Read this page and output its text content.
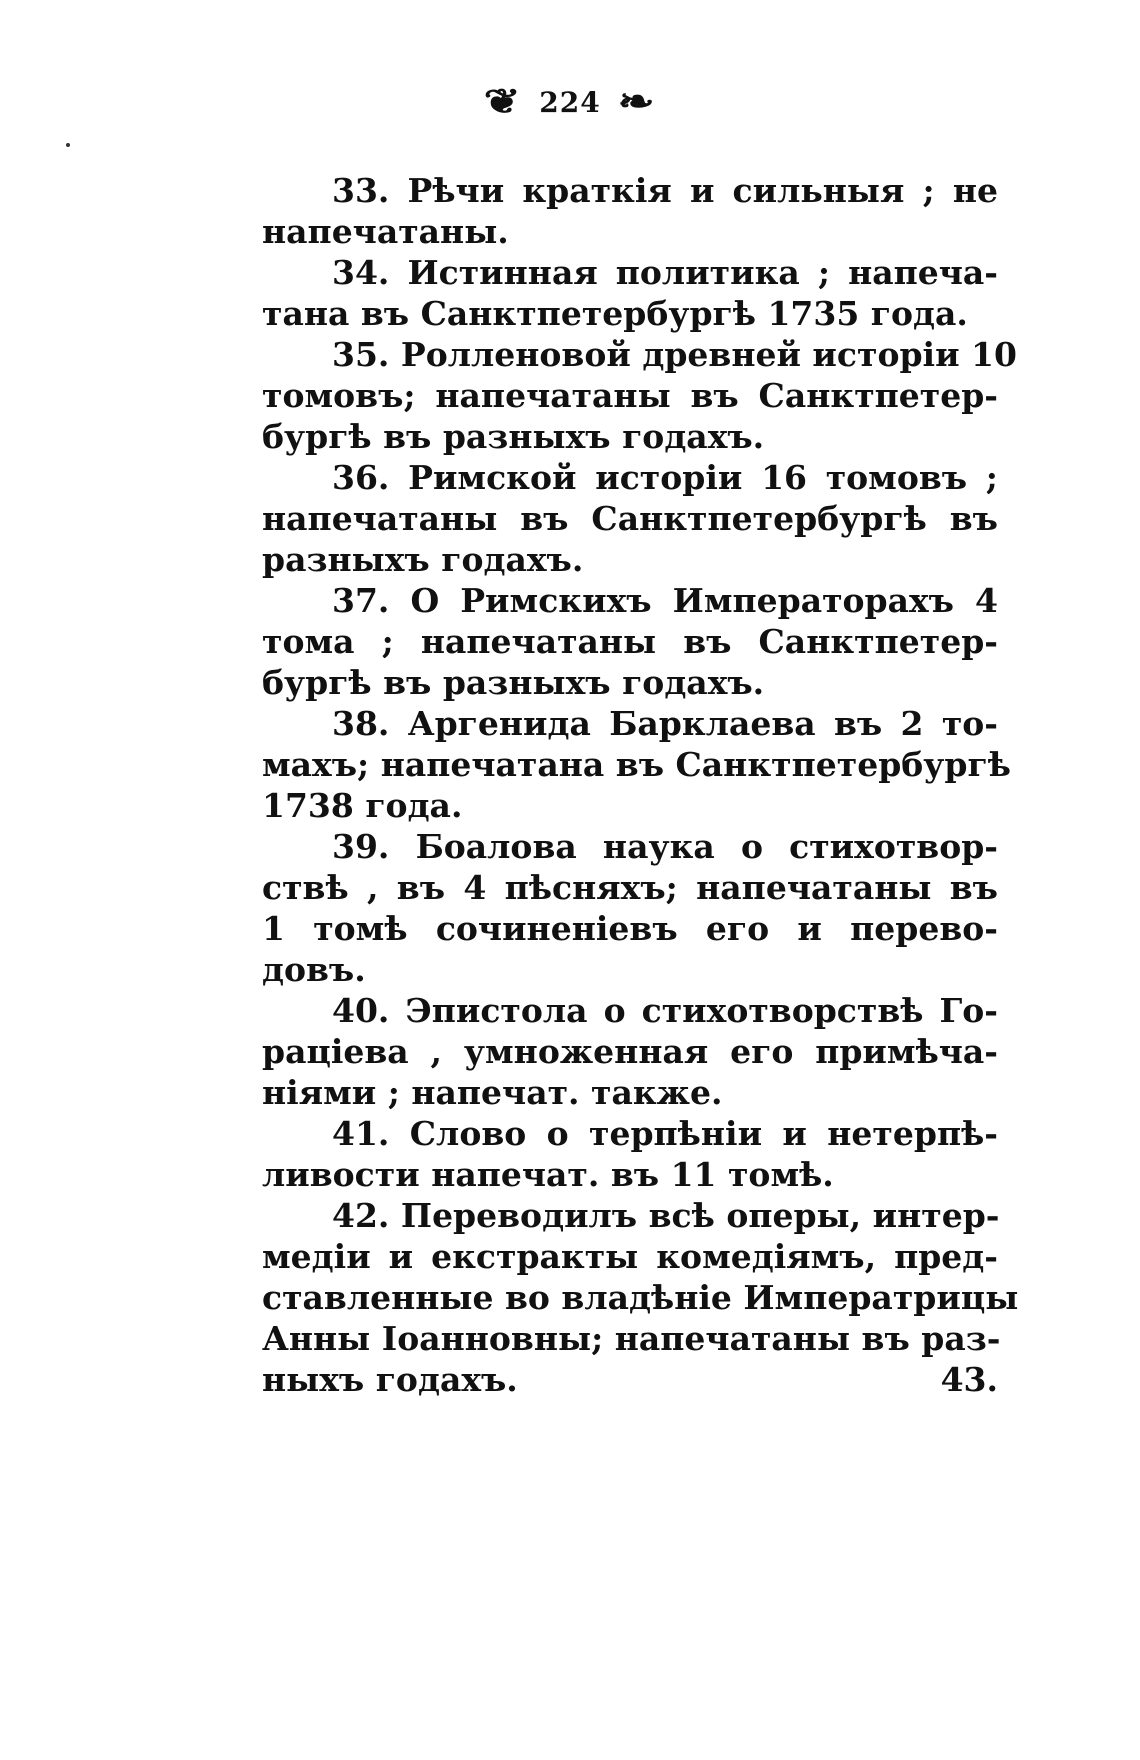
❦ 224 ❧
33. Рѣчи краткія и сильныя ; не
напечатаны.
34. Истинная политика ; напеча-
тана въ Санктпетербургѣ 1735 года.
35. Ролленовой древней исторіи 10
томовъ; напечатаны въ Санктпетер-
бургѣ въ разныхъ годахъ.
36. Римской исторіи 16 томовъ ;
напечатаны въ Санктпетербургѣ въ
разныхъ годахъ.
37. О Римскихъ Императорахъ 4
тома ; напечатаны въ Санктпетер-
бургѣ въ разныхъ годахъ.
38. Аргенида Барклаева въ 2 то-
махъ; напечатана въ Санктпетербургѣ
1738 года.
39. Боалова наука о стихотвор-
ствѣ , въ 4 пѣсняхъ; напечатаны въ
1 томѣ сочиненіевъ его и перево-
довъ.
40. Эпистола о стихотворствѣ Го-
раціева , умноженная его примѣча-
ніями ; напечат. также.
41. Слово о терпѣніи и нетерпѣ-
ливости напечат. въ 11 томѣ.
42. Переводилъ всѣ оперы, интер-
медіи и екстракты комедіямъ, пред-
ставленные во владѣніе Императрицы
Анны Іоанновны; напечатаны въ раз-
ныхъ годахъ.	43.
